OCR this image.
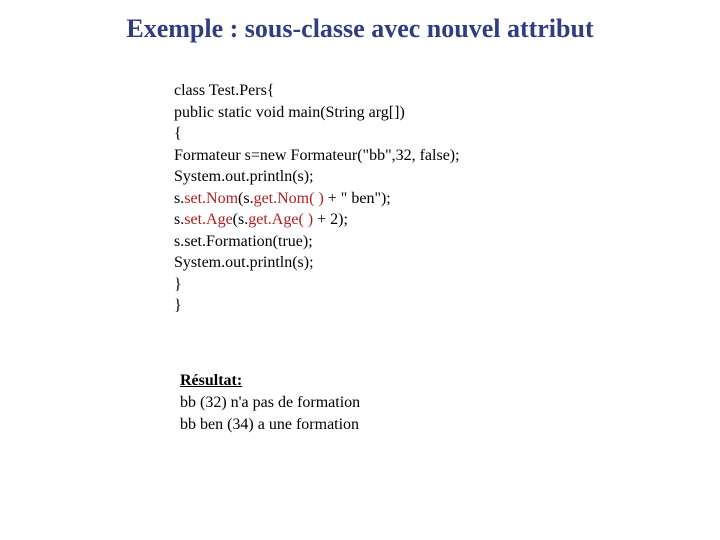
Exemple : sous-classe avec nouvel attribut
class Test.Pers{
public static void main(String arg[])
{
Formateur s=new Formateur("bb",32, false);
System.out.println(s);
s.set.Nom(s.get.Nom( ) + " ben");
s.set.Age(s.get.Age( ) + 2);
s.set.Formation(true);
System.out.println(s);
}
}
Résultat:
bb (32) n'a pas de formation
bb ben (34) a une formation
